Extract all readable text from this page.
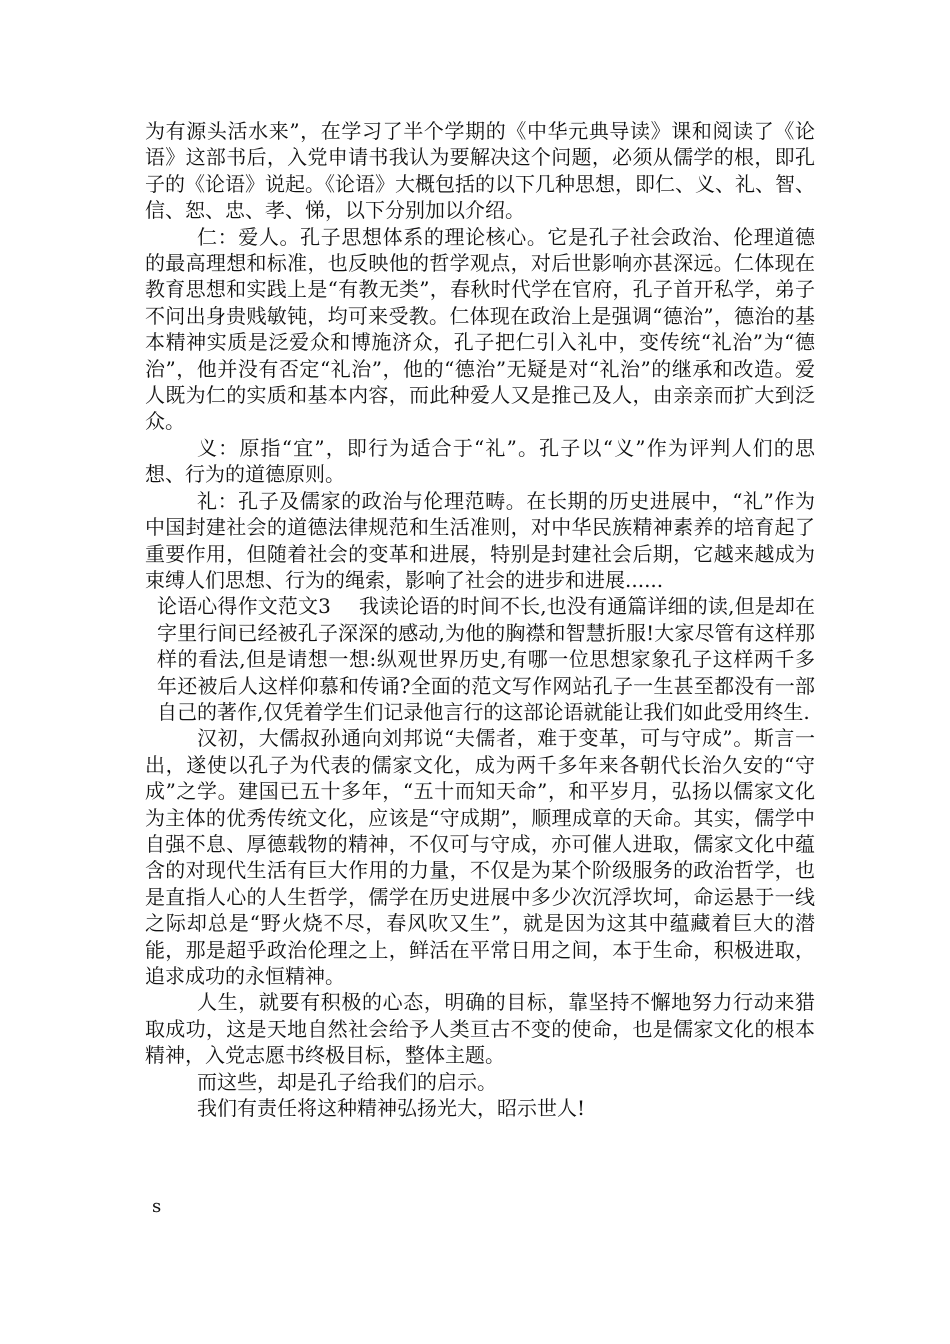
为有源头活水来”，在学习了半个学期的《中华元典导读》课和阅读了《论语》这部书后，入党申请书我认为要解决这个问题，必须从儒学的根，即孔子的《论语》说起。《论语》大概包括的以下几种思想，即仁、义、礼、智、信、恕、忠、孝、悌，以下分别加以介绍。

仁：爱人。孔子思想体系的理论核心。它是孔子社会政治、伦理道德的最高理想和标准，也反映他的哲学观点，对后世影响亦甚深远。仁体现在教育思想和实践上是“有教无类”，春秋时代学在官府，孔子首开私学，弟子不问出身贵贱敏钝，均可来受教。仁体现在政治上是强调“德治”，德治的基本精神实质是泛爱众和博施济众，孔子把仁引入礼中，变传统“礼治”为“德治”，他并没有否定“礼治”，他的“德治”无疑是对“礼治”的继承和改造。爱人既为仁的实质和基本内容，而此种爱人又是推己及人，由亲亲而扩大到泛众。

义：原指“宜”，即行为适合于“礼”。孔子以“义”作为评判人们的思想、行为的道德原则。

礼：孔子及儒家的政治与伦理范畴。在长期的历史进展中，“礼”作为中国封建社会的道德法律规范和生活准则，对中华民族精神素养的培育起了重要作用，但随着社会的变革和进展，特别是封建社会后期，它越来越成为束缚人们思想、行为的绳索，影响了社会的进步和进展......

论语心得作文范文3 我读论语的时间不长,也没有通篇详细的读,但是却在字里行间已经被孔子深深的感动,为他的胸襟和智慧折服!大家尽管有这样那样的看法,但是请想一想:纵观世界历史,有哪一位思想家象孔子这样两千多年还被后人这样仰慕和传诵?全面的范文写作网站孔子一生甚至都没有一部自己的著作,仅凭着学生们记录他言行的这部论语就能让我们如此受用终生.

汉初，大儒叔孙通向刘邦说“夫儒者，难于变革，可与守成”。斯言一出，遂使以孔子为代表的儒家文化，成为两千多年来各朝代长治久安的“守成”之学。建国已五十多年，“五十而知天命”，和平岁月，弘扬以儒家文化为主体的优秀传统文化，应该是“守成期”，顺理成章的天命。其实，儒学中自强不息、厚德载物的精神，不仅可与守成，亦可催人进取，儒家文化中蕴含的对现代生活有巨大作用的力量，不仅是为某个阶级服务的政治哲学，也是直指人心的人生哲学，儒学在历史进展中多少次沉浮坎坷，命运悬于一线之际却总是“野火烧不尽，春风吹又生”，就是因为这其中蕴藏着巨大的潜能，那是超乎政治伦理之上，鲜活在平常日用之间，本于生命，积极进取，追求成功的永恒精神。

人生，就要有积极的心态，明确的目标，靠坚持不懈地努力行动来猎取成功，这是天地自然社会给予人类亘古不变的使命，也是儒家文化的根本精神，入党志愿书终极目标，整体主题。

而这些，却是孔子给我们的启示。

我们有责任将这种精神弘扬光大，昭示世人!

s
